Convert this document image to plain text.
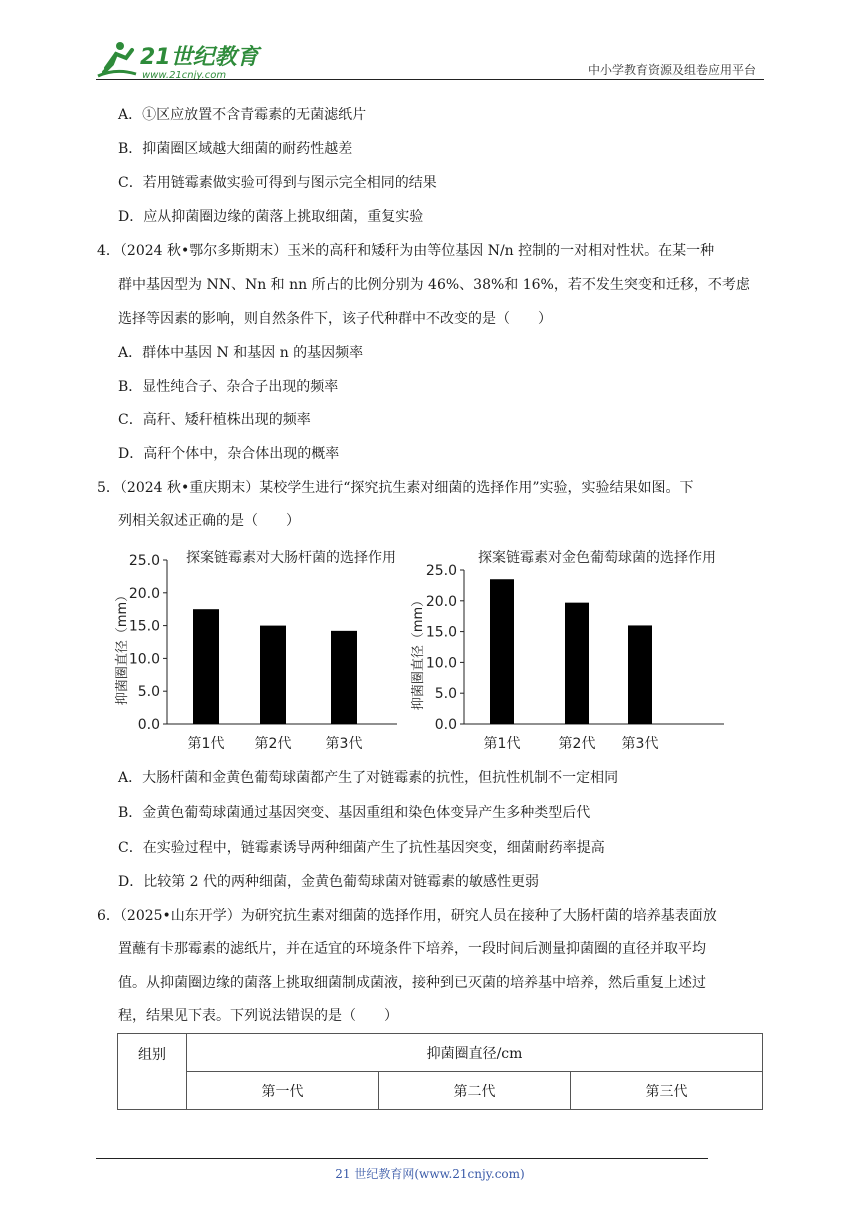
21世纪教育
www.21cnjy.com	中小学教育资源及组卷应用平台
A．①区应放置不含青霉素的无菌滤纸片
B．抑菌圈区域越大细菌的耐药性越差
C．若用链霉素做实验可得到与图示完全相同的结果
D．应从抑菌圈边缘的菌落上挑取细菌，重复实验
4．（2024 秋•鄂尔多斯期末）玉米的高秆和矮秆为由等位基因 N/n 控制的一对相对性状。在某一种
群中基因型为 NN、Nn 和 nn 所占的比例分别为 46%、38%和 16%，若不发生突变和迁移，不考虑
选择等因素的影响，则自然条件下，该子代种群中不改变的是（　　）
A．群体中基因 N 和基因 n 的基因频率
B．显性纯合子、杂合子出现的频率
C．高秆、矮秆植株出现的频率
D．高秆个体中，杂合体出现的概率
5．（2024 秋•重庆期末）某校学生进行“探究抗生素对细菌的选择作用”实验，实验结果如图。下
列相关叙述正确的是（　　）
探案链霉素对大肠杆菌的选择作用
0.0
5.0
10.0
15.0
20.0
25.0
抑菌圈直径（mm）
第1代 第2代 第3代
探案链霉素对金色葡萄球菌的选择作用
0.0
5.0
10.0
15.0
20.0
25.0
抑菌圈直径（mm）
第1代	第2代 第3代
A．大肠杆菌和金黄色葡萄球菌都产生了对链霉素的抗性，但抗性机制不一定相同
B．金黄色葡萄球菌通过基因突变、基因重组和染色体变异产生多种类型后代
C．在实验过程中，链霉素诱导两种细菌产生了抗性基因突变，细菌耐药率提高
D．比较第 2 代的两种细菌，金黄色葡萄球菌对链霉素的敏感性更弱
6．（2025•山东开学）为研究抗生素对细菌的选择作用，研究人员在接种了大肠杆菌的培养基表面放
置蘸有卡那霉素的滤纸片，并在适宜的环境条件下培养，一段时间后测量抑菌圈的直径并取平均
值。从抑菌圈边缘的菌落上挑取细菌制成菌液，接种到已灭菌的培养基中培养，然后重复上述过
程，结果见下表。下列说法错误的是（　　）
组别	抑菌圈直径/cm		
	第一代	第二代	第三代
21 世纪教育网(www.21cnjy.com)
